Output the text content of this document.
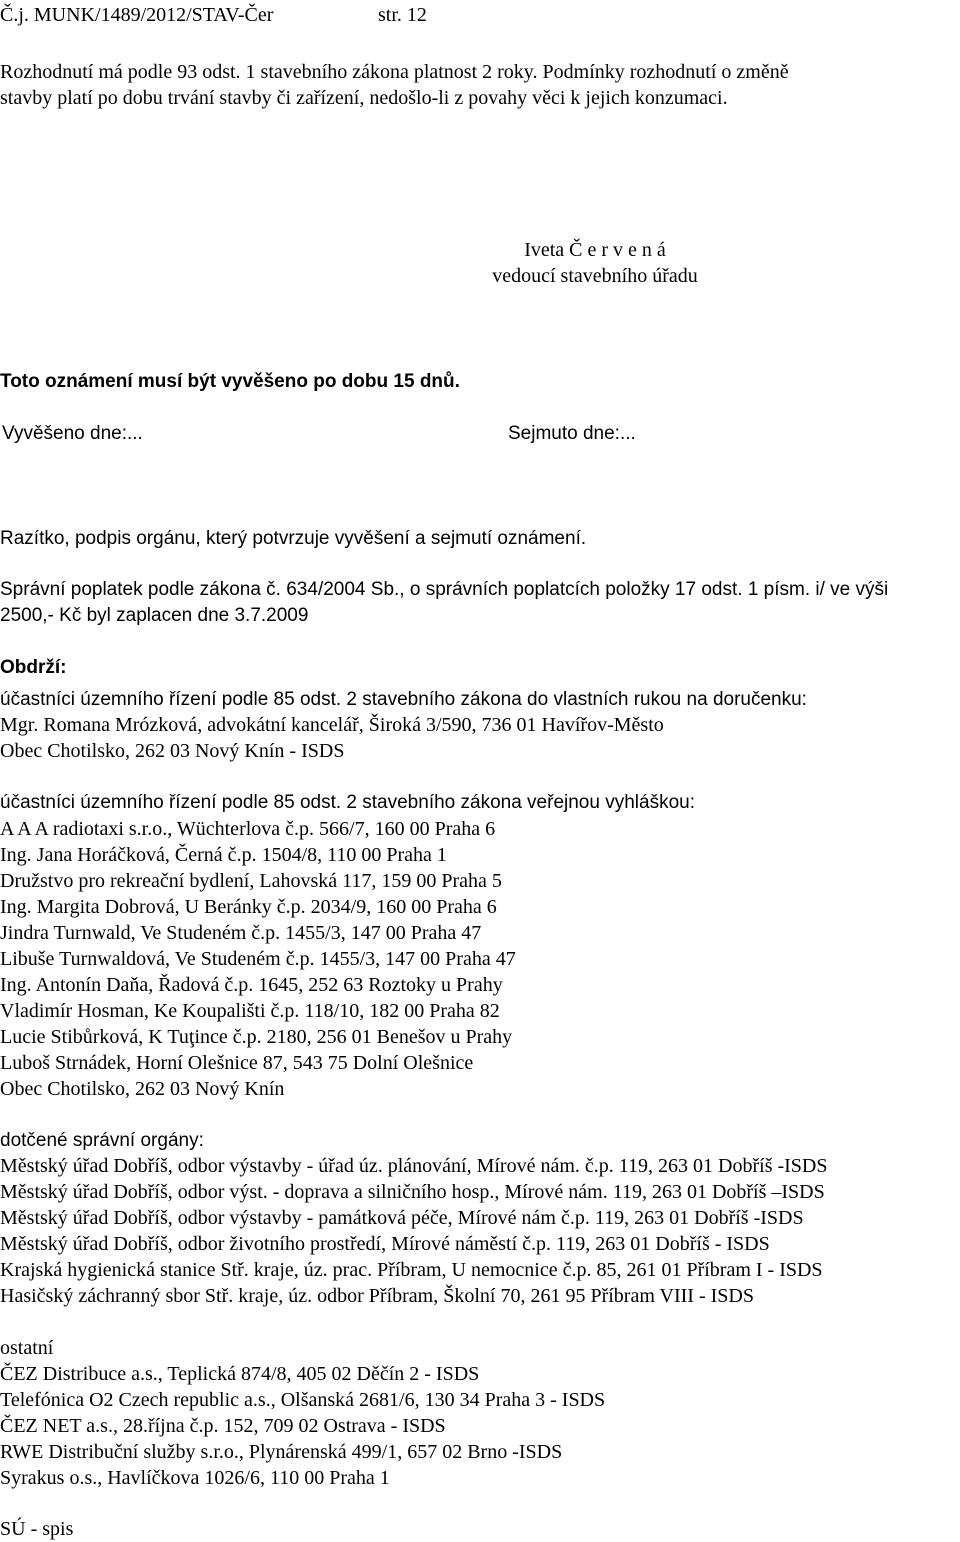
Č.j. MUNK/1489/2012/STAV-Čer	str. 12
Rozhodnutí má podle 93 odst. 1 stavebního zákona platnost 2 roky. Podmínky rozhodnutí o změně
stavby platí po dobu trvání stavby či zařízení, nedošlo-li z povahy věci k jejich konzumaci.
Iveta Č e r v e n á
vedoucí stavebního úřadu
Toto oznámení musí být vyvěšeno po dobu 15 dnů.
Vyvěšeno dne:...	Sejmuto dne:...
Razítko, podpis orgánu, který potvrzuje vyvěšení a sejmutí oznámení.
Správní poplatek podle zákona č. 634/2004 Sb., o správních poplatcích položky 17 odst. 1 písm. i/ ve výši
2500,- Kč byl zaplacen dne 3.7.2009
Obdrží:
účastníci územního řízení podle 85 odst. 2 stavebního zákona do vlastních rukou na doručenku:
Mgr. Romana Mrózková, advokátní kancelář, Široká 3/590, 736 01 Havířov-Město
Obec Chotilsko, 262 03 Nový Knín - ISDS
účastníci územního řízení podle 85 odst. 2 stavebního zákona veřejnou vyhláškou:
A A A radiotaxi s.r.o., Wüchterlova č.p. 566/7, 160 00 Praha 6
Ing. Jana Horáčková, Černá č.p. 1504/8, 110 00 Praha 1
Družstvo pro rekreační bydlení, Lahovská 117, 159 00 Praha 5
Ing. Margita Dobrová, U Beránky č.p. 2034/9, 160 00 Praha 6
Jindra Turnwald, Ve Studeném č.p. 1455/3, 147 00 Praha 47
Libuše Turnwaldová, Ve Studeném č.p. 1455/3, 147 00 Praha 47
Ing. Antonín Daňa, Řadová č.p. 1645, 252 63 Roztoky u Prahy
Vladimír Hosman, Ke Koupališti č.p. 118/10, 182 00 Praha 82
Lucie Stibůrková, K Tuţince č.p. 2180, 256 01 Benešov u Prahy
Luboš Strnádek, Horní Olešnice 87, 543 75 Dolní Olešnice
Obec Chotilsko, 262 03 Nový Knín
dotčené správní orgány:
Městský úřad Dobříš, odbor výstavby - úřad úz. plánování, Mírové nám. č.p. 119, 263 01 Dobříš -ISDS
Městský úřad Dobříš, odbor výst. - doprava a silničního hosp., Mírové nám. 119, 263 01 Dobříš –ISDS
Městský úřad Dobříš, odbor výstavby - památková péče, Mírové nám č.p. 119, 263 01 Dobříš -ISDS
Městský úřad Dobříš, odbor životního prostředí, Mírové náměstí č.p. 119, 263 01 Dobříš - ISDS
Krajská hygienická stanice Stř. kraje, úz. prac. Příbram, U nemocnice č.p. 85, 261 01 Příbram I - ISDS
Hasičský záchranný sbor Stř. kraje, úz. odbor Příbram, Školní 70, 261 95 Příbram VIII - ISDS
ostatní
ČEZ Distribuce a.s., Teplická 874/8, 405 02 Děčín 2 - ISDS
Telefónica O2 Czech republic a.s., Olšanská 2681/6, 130 34 Praha 3 - ISDS
ČEZ NET a.s., 28.října č.p. 152, 709 02 Ostrava - ISDS
RWE Distribuční služby s.r.o., Plynárenská 499/1, 657 02 Brno -ISDS
Syrakus o.s., Havlíčkova 1026/6, 110 00 Praha 1
SÚ - spis
